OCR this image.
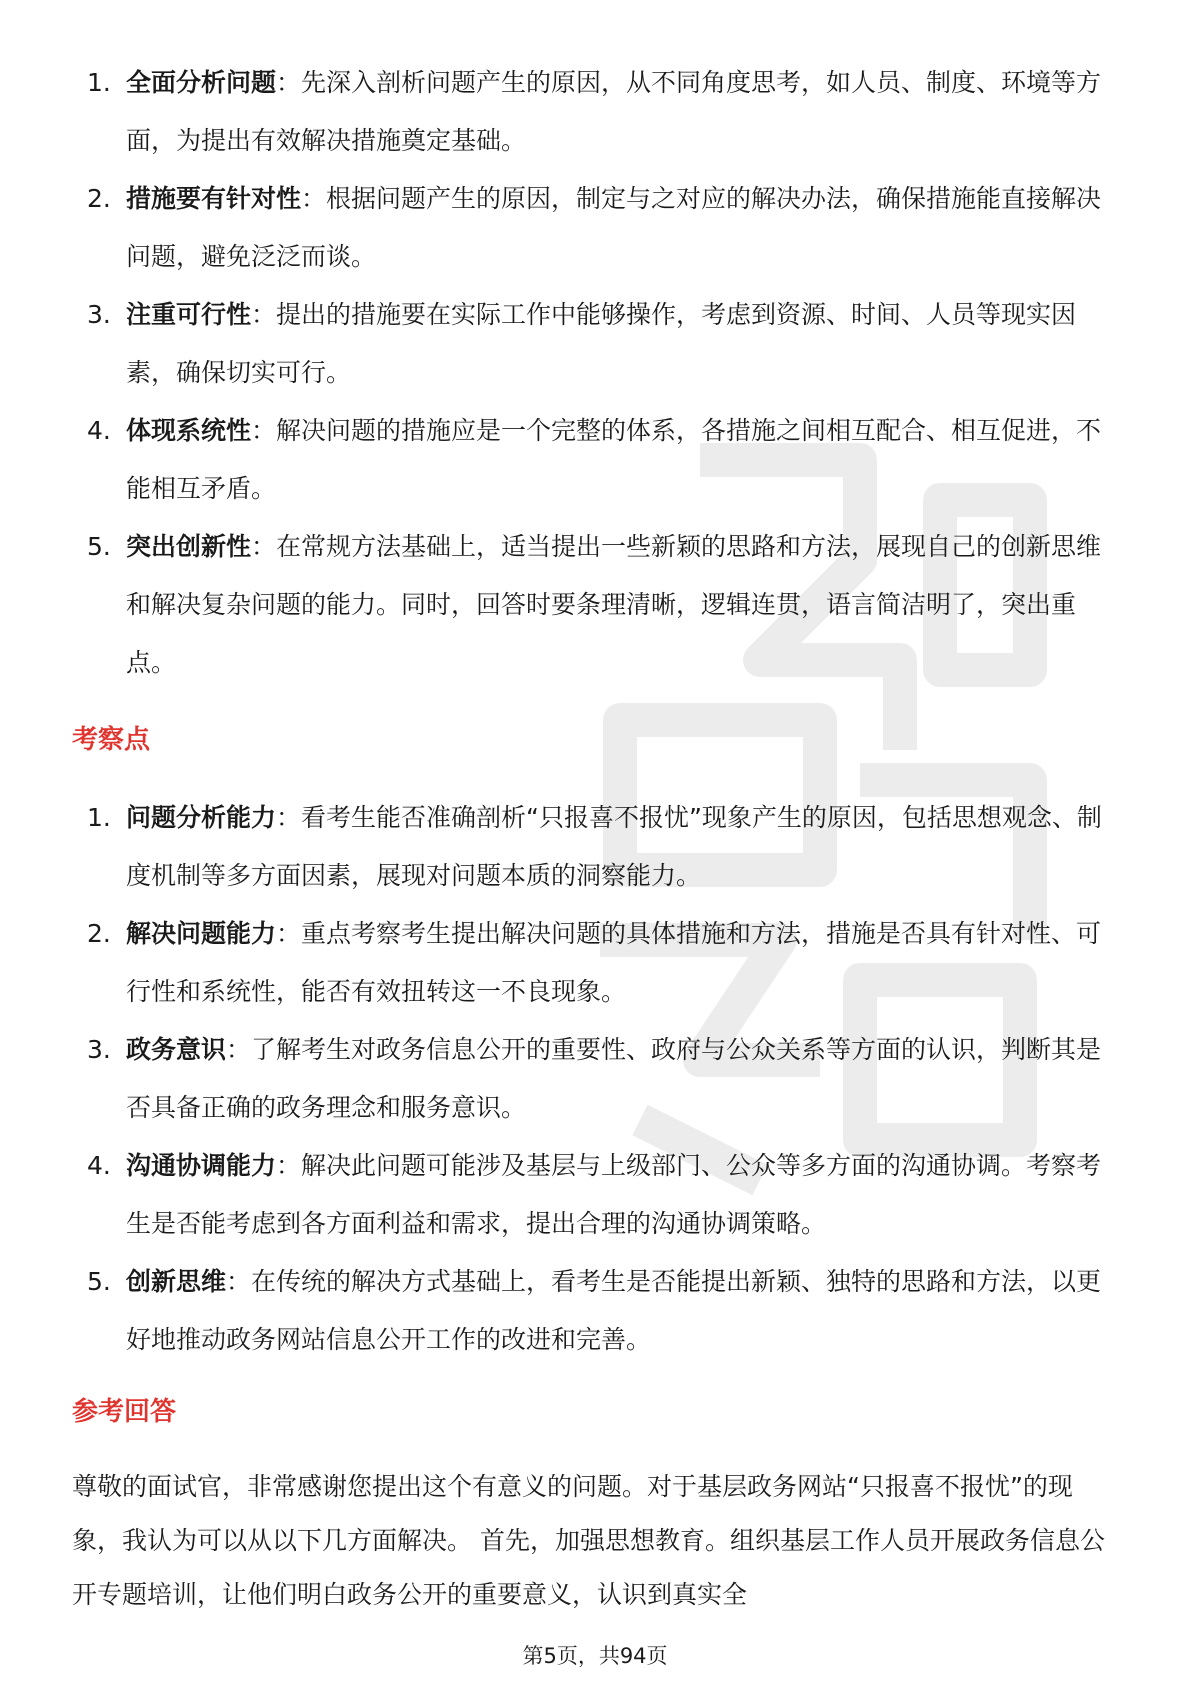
1. 全面分析问题：先深入剖析问题产生的原因，从不同角度思考，如人员、制度、环境等方面，为提出有效解决措施奠定基础。
2. 措施要有针对性：根据问题产生的原因，制定与之对应的解决办法，确保措施能直接解决问题，避免泛泛而谈。
3. 注重可行性：提出的措施要在实际工作中能够操作，考虑到资源、时间、人员等现实因素，确保切实可行。
4. 体现系统性：解决问题的措施应是一个完整的体系，各措施之间相互配合、相互促进，不能相互矛盾。
5. 突出创新性：在常规方法基础上，适当提出一些新颖的思路和方法，展现自己的创新思维和解决复杂问题的能力。同时，回答时要条理清晰，逻辑连贯，语言简洁明了，突出重点。
考察点
1. 问题分析能力：看考生能否准确剖析“只报喜不报忧”现象产生的原因，包括思想观念、制度机制等多方面因素，展现对问题本质的洞察能力。
2. 解决问题能力：重点考察考生提出解决问题的具体措施和方法，措施是否具有针对性、可行性和系统性，能否有效扭转这一不良现象。
3. 政务意识：了解考生对政务信息公开的重要性、政府与公众关系等方面的认识，判断其是否具备正确的政务理念和服务意识。
4. 沟通协调能力：解决此问题可能涉及基层与上级部门、公众等多方面的沟通协调。考察考生是否能考虑到各方面利益和需求，提出合理的沟通协调策略。
5. 创新思维：在传统的解决方式基础上，看考生是否能提出新颖、独特的思路和方法，以更好地推动政务网站信息公开工作的改进和完善。
参考回答

尊敬的面试官，非常感谢您提出这个有意义的问题。对于基层政务网站“只报喜不报忧”的现象，我认为可以从以下几方面解决。 首先，加强思想教育。组织基层工作人员开展政务信息公开专题培训，让他们明白政务公开的重要意义，认识到真实全

第5页，共94页
